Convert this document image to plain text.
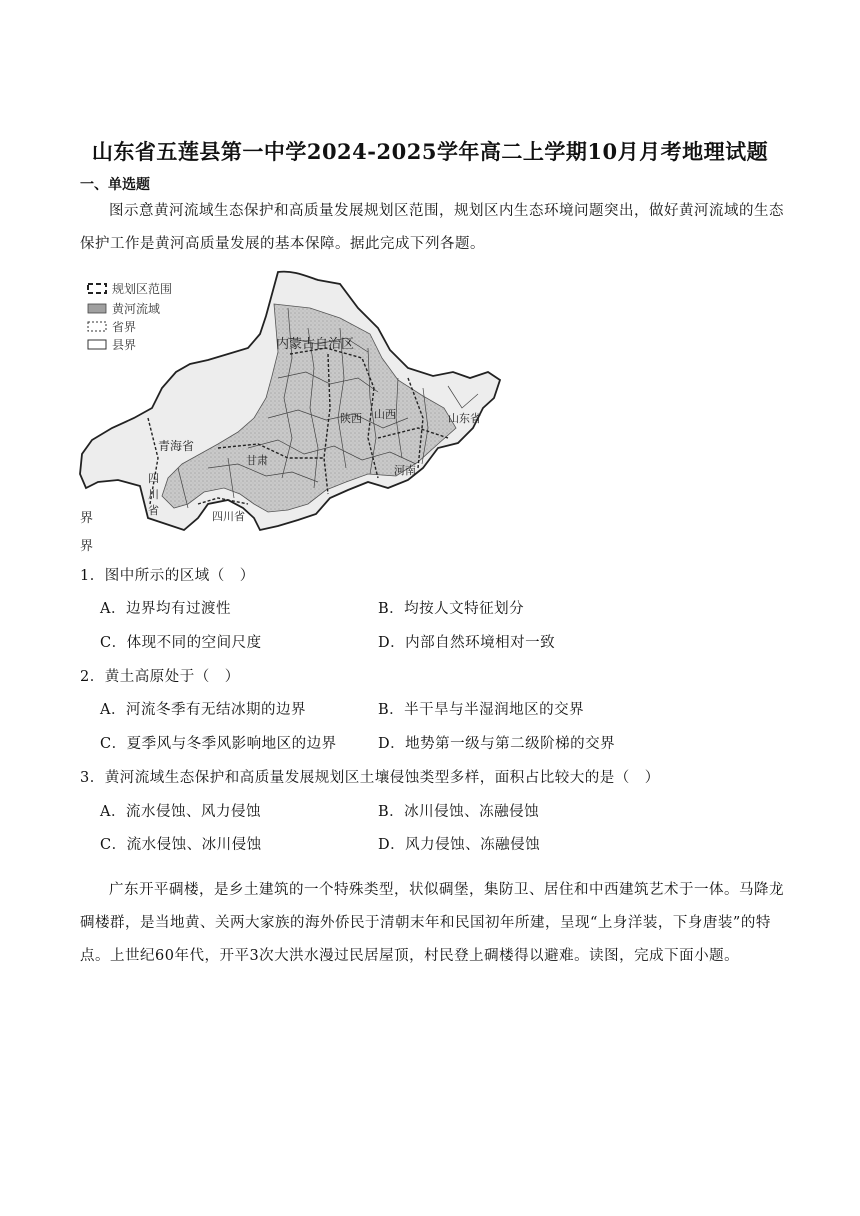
山东省五莲县第一中学2024-2025学年高二上学期10月月考地理试题
一、单选题
图示意黄河流域生态保护和高质量发展规划区范围，规划区内生态环境问题突出，做好黄河流域的生态保护工作是黄河高质量发展的基本保障。据此完成下列各题。
规划区范围
黄河流域
省界
县界	内蒙古自治区
青海省
四
川
省	四川省
陕西 山西	山东省
河南
甘肃
界
界
1．图中所示的区域（　）
A．边界均有过渡性	B．均按人文特征划分
C．体现不同的空间尺度	D．内部自然环境相对一致
2．黄土高原处于（　）
A．河流冬季有无结冰期的边界	B．半干旱与半湿润地区的交界
C．夏季风与冬季风影响地区的边界	D．地势第一级与第二级阶梯的交界
3．黄河流域生态保护和高质量发展规划区土壤侵蚀类型多样，面积占比较大的是（　）
A．流水侵蚀、风力侵蚀	B．冰川侵蚀、冻融侵蚀
C．流水侵蚀、冰川侵蚀	D．风力侵蚀、冻融侵蚀
广东开平碉楼，是乡土建筑的一个特殊类型，状似碉堡，集防卫、居住和中西建筑艺术于一体。马降龙碉楼群，是当地黄、关两大家族的海外侨民于清朝末年和民国初年所建，呈现“上身洋装，下身唐装”的特点。上世纪60年代，开平3次大洪水漫过民居屋顶，村民登上碉楼得以避难。读图，完成下面小题。
